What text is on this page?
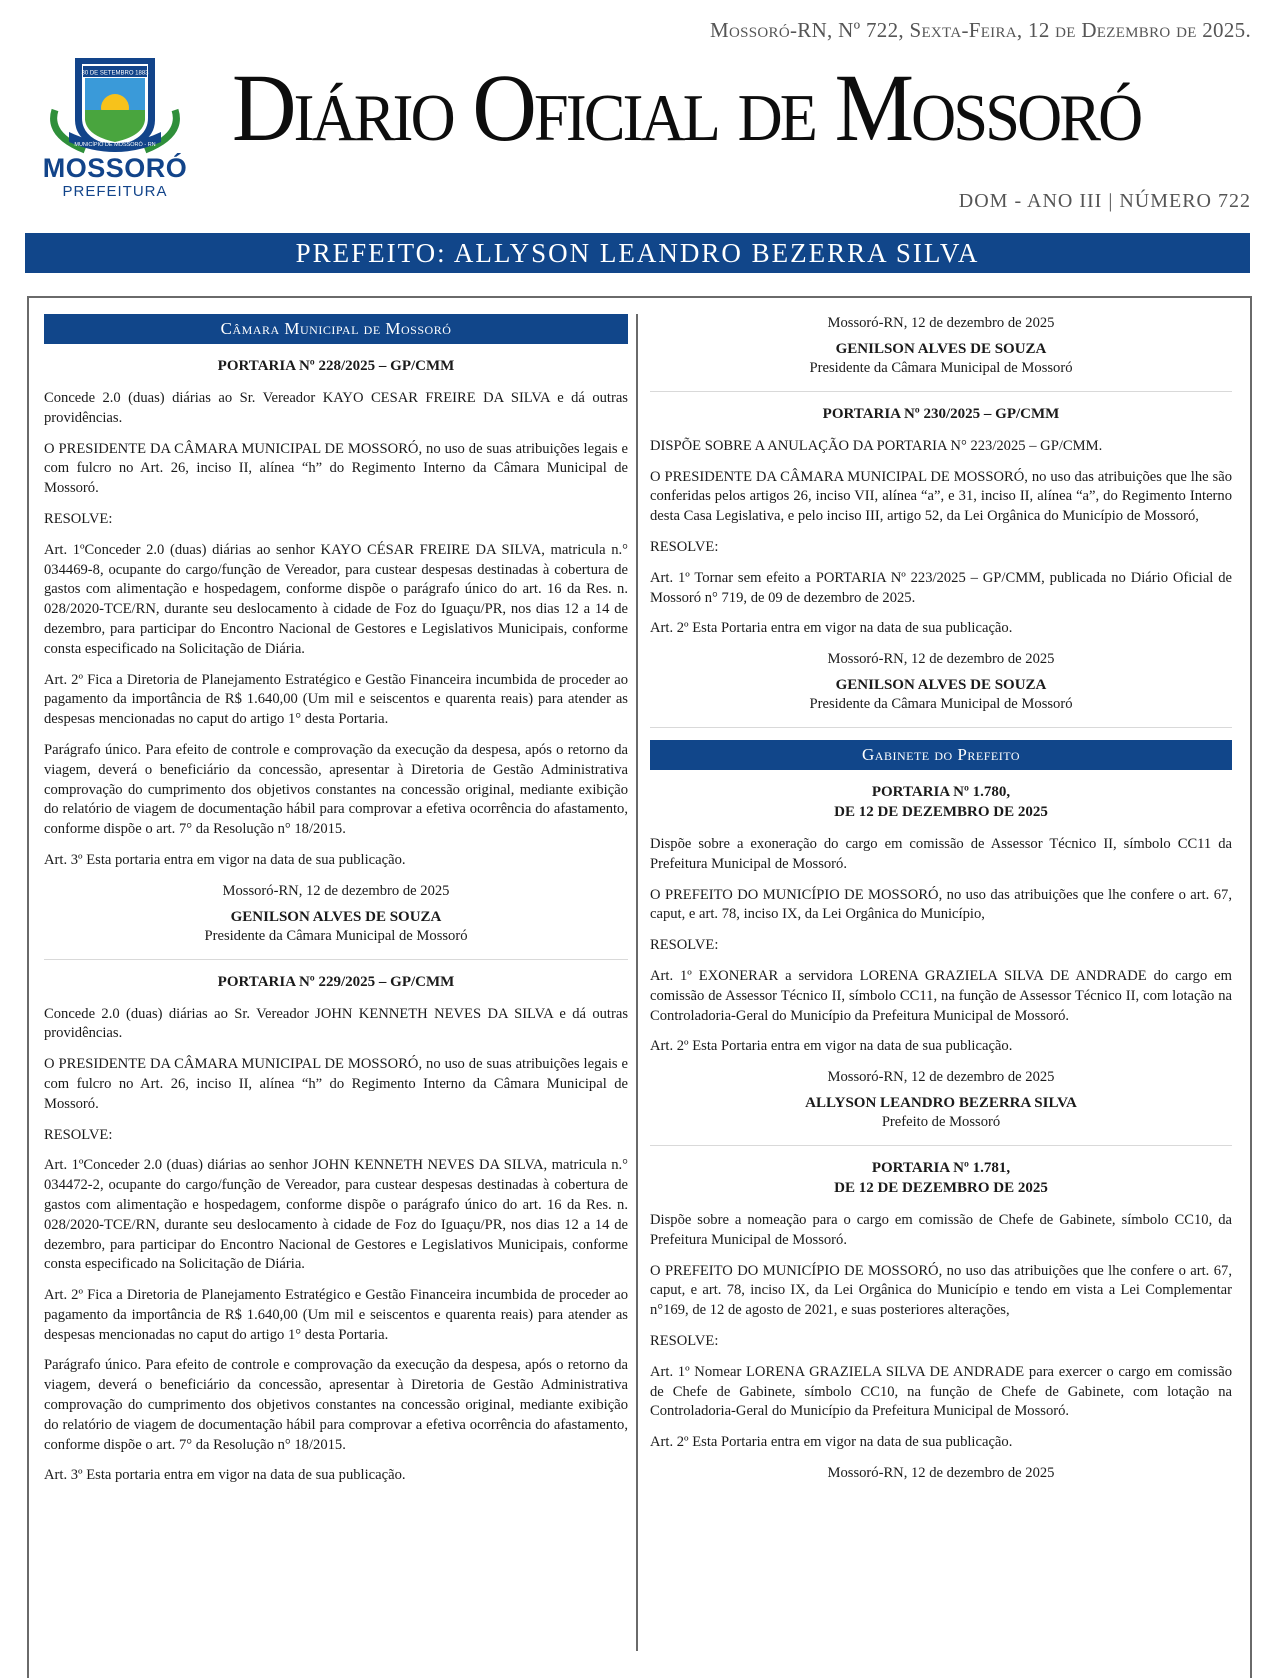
30 DE SETEMBRO 1883
MUNICÍPIO DE MOSSORÓ - RN
MOSSORÓ
PREFEITURA
Mossoró-RN, Nº 722, Sexta-Feira, 12 de Dezembro de 2025.
Diário Oficial de Mossoró
DOM - ANO III | NÚMERO 722
PREFEITO: ALLYSON LEANDRO BEZERRA SILVA
Câmara Municipal de Mossoró
PORTARIA Nº 228/2025 – GP/CMM

Concede 2.0 (duas) diárias ao Sr. Vereador KAYO CESAR FREIRE DA SILVA e dá outras providências.

O PRESIDENTE DA CÂMARA MUNICIPAL DE MOSSORÓ, no uso de suas atribuições legais e com fulcro no Art. 26, inciso II, alínea “h” do Regimento Interno da Câmara Municipal de Mossoró.

RESOLVE:

Art. 1ºConceder 2.0 (duas) diárias ao senhor KAYO CÉSAR FREIRE DA SILVA, matricula n.° 034469-8, ocupante do cargo/função de Vereador, para custear despesas destinadas à cobertura de gastos com alimentação e hospedagem, conforme dispõe o parágrafo único do art. 16 da Res. n. 028/2020-TCE/RN, durante seu deslocamento à cidade de Foz do Iguaçu/PR, nos dias 12 a 14 de dezembro, para participar do Encontro Nacional de Gestores e Legislativos Municipais, conforme consta especificado na Solicitação de Diária.

Art. 2º Fica a Diretoria de Planejamento Estratégico e Gestão Financeira incumbida de proceder ao pagamento da importância de R$ 1.640,00 (Um mil e seiscentos e quarenta reais) para atender as despesas mencionadas no caput do artigo 1° desta Portaria.

Parágrafo único. Para efeito de controle e comprovação da execução da despesa, após o retorno da viagem, deverá o beneficiário da concessão, apresentar à Diretoria de Gestão Administrativa comprovação do cumprimento dos objetivos constantes na concessão original, mediante exibição do relatório de viagem de documentação hábil para comprovar a efetiva ocorrência do afastamento, conforme dispõe o art. 7° da Resolução n° 18/2015.

Art. 3º Esta portaria entra em vigor na data de sua publicação.

Mossoró-RN, 12 de dezembro de 2025
GENILSON ALVES DE SOUZA
Presidente da Câmara Municipal de Mossoró
PORTARIA Nº 229/2025 – GP/CMM

Concede 2.0 (duas) diárias ao Sr. Vereador JOHN KENNETH NEVES DA SILVA e dá outras providências.

O PRESIDENTE DA CÂMARA MUNICIPAL DE MOSSORÓ, no uso de suas atribuições legais e com fulcro no Art. 26, inciso II, alínea “h” do Regimento Interno da Câmara Municipal de Mossoró.

RESOLVE:

Art. 1ºConceder 2.0 (duas) diárias ao senhor JOHN KENNETH NEVES DA SILVA, matricula n.° 034472-2, ocupante do cargo/função de Vereador, para custear despesas destinadas à cobertura de gastos com alimentação e hospedagem, conforme dispõe o parágrafo único do art. 16 da Res. n. 028/2020-TCE/RN, durante seu deslocamento à cidade de Foz do Iguaçu/PR, nos dias 12 a 14 de dezembro, para participar do Encontro Nacional de Gestores e Legislativos Municipais, conforme consta especificado na Solicitação de Diária.

Art. 2º Fica a Diretoria de Planejamento Estratégico e Gestão Financeira incumbida de proceder ao pagamento da importância de R$ 1.640,00 (Um mil e seiscentos e quarenta reais) para atender as despesas mencionadas no caput do artigo 1° desta Portaria.

Parágrafo único. Para efeito de controle e comprovação da execução da despesa, após o retorno da viagem, deverá o beneficiário da concessão, apresentar à Diretoria de Gestão Administrativa comprovação do cumprimento dos objetivos constantes na concessão original, mediante exibição do relatório de viagem de documentação hábil para comprovar a efetiva ocorrência do afastamento, conforme dispõe o art. 7° da Resolução n° 18/2015.

Art. 3º Esta portaria entra em vigor na data de sua publicação.

Mossoró-RN, 12 de dezembro de 2025
GENILSON ALVES DE SOUZA
Presidente da Câmara Municipal de Mossoró
PORTARIA Nº 230/2025 – GP/CMM

DISPÕE SOBRE A ANULAÇÃO DA PORTARIA N° 223/2025 – GP/CMM.

O PRESIDENTE DA CÂMARA MUNICIPAL DE MOSSORÓ, no uso das atribuições que lhe são conferidas pelos artigos 26, inciso VII, alínea “a”, e 31, inciso II, alínea “a”, do Regimento Interno desta Casa Legislativa, e pelo inciso III, artigo 52, da Lei Orgânica do Município de Mossoró,

RESOLVE:

Art. 1º Tornar sem efeito a PORTARIA Nº 223/2025 – GP/CMM, publicada no Diário Oficial de Mossoró n° 719, de 09 de dezembro de 2025.

Art. 2º Esta Portaria entra em vigor na data de sua publicação.

Mossoró-RN, 12 de dezembro de 2025
GENILSON ALVES DE SOUZA
Presidente da Câmara Municipal de Mossoró
Gabinete do Prefeito
PORTARIA Nº 1.780,
DE 12 DE DEZEMBRO DE 2025

Dispõe sobre a exoneração do cargo em comissão de Assessor Técnico II, símbolo CC11 da Prefeitura Municipal de Mossoró.

O PREFEITO DO MUNICÍPIO DE MOSSORÓ, no uso das atribuições que lhe confere o art. 67, caput, e art. 78, inciso IX, da Lei Orgânica do Município,

RESOLVE:

Art. 1º EXONERAR a servidora LORENA GRAZIELA SILVA DE ANDRADE do cargo em comissão de Assessor Técnico II, símbolo CC11, na função de Assessor Técnico II, com lotação na Controladoria-Geral do Município da Prefeitura Municipal de Mossoró.

Art. 2º Esta Portaria entra em vigor na data de sua publicação.

Mossoró-RN, 12 de dezembro de 2025
ALLYSON LEANDRO BEZERRA SILVA
Prefeito de Mossoró
PORTARIA Nº 1.781,
DE 12 DE DEZEMBRO DE 2025

Dispõe sobre a nomeação para o cargo em comissão de Chefe de Gabinete, símbolo CC10, da Prefeitura Municipal de Mossoró.

O PREFEITO DO MUNICÍPIO DE MOSSORÓ, no uso das atribuições que lhe confere o art. 67, caput, e art. 78, inciso IX, da Lei Orgânica do Município e tendo em vista a Lei Complementar n°169, de 12 de agosto de 2021, e suas posteriores alterações,

RESOLVE:

Art. 1º Nomear LORENA GRAZIELA SILVA DE ANDRADE para exercer o cargo em comissão de Chefe de Gabinete, símbolo CC10, na função de Chefe de Gabinete, com lotação na Controladoria-Geral do Município da Prefeitura Municipal de Mossoró.

Art. 2º Esta Portaria entra em vigor na data de sua publicação.

Mossoró-RN, 12 de dezembro de 2025
